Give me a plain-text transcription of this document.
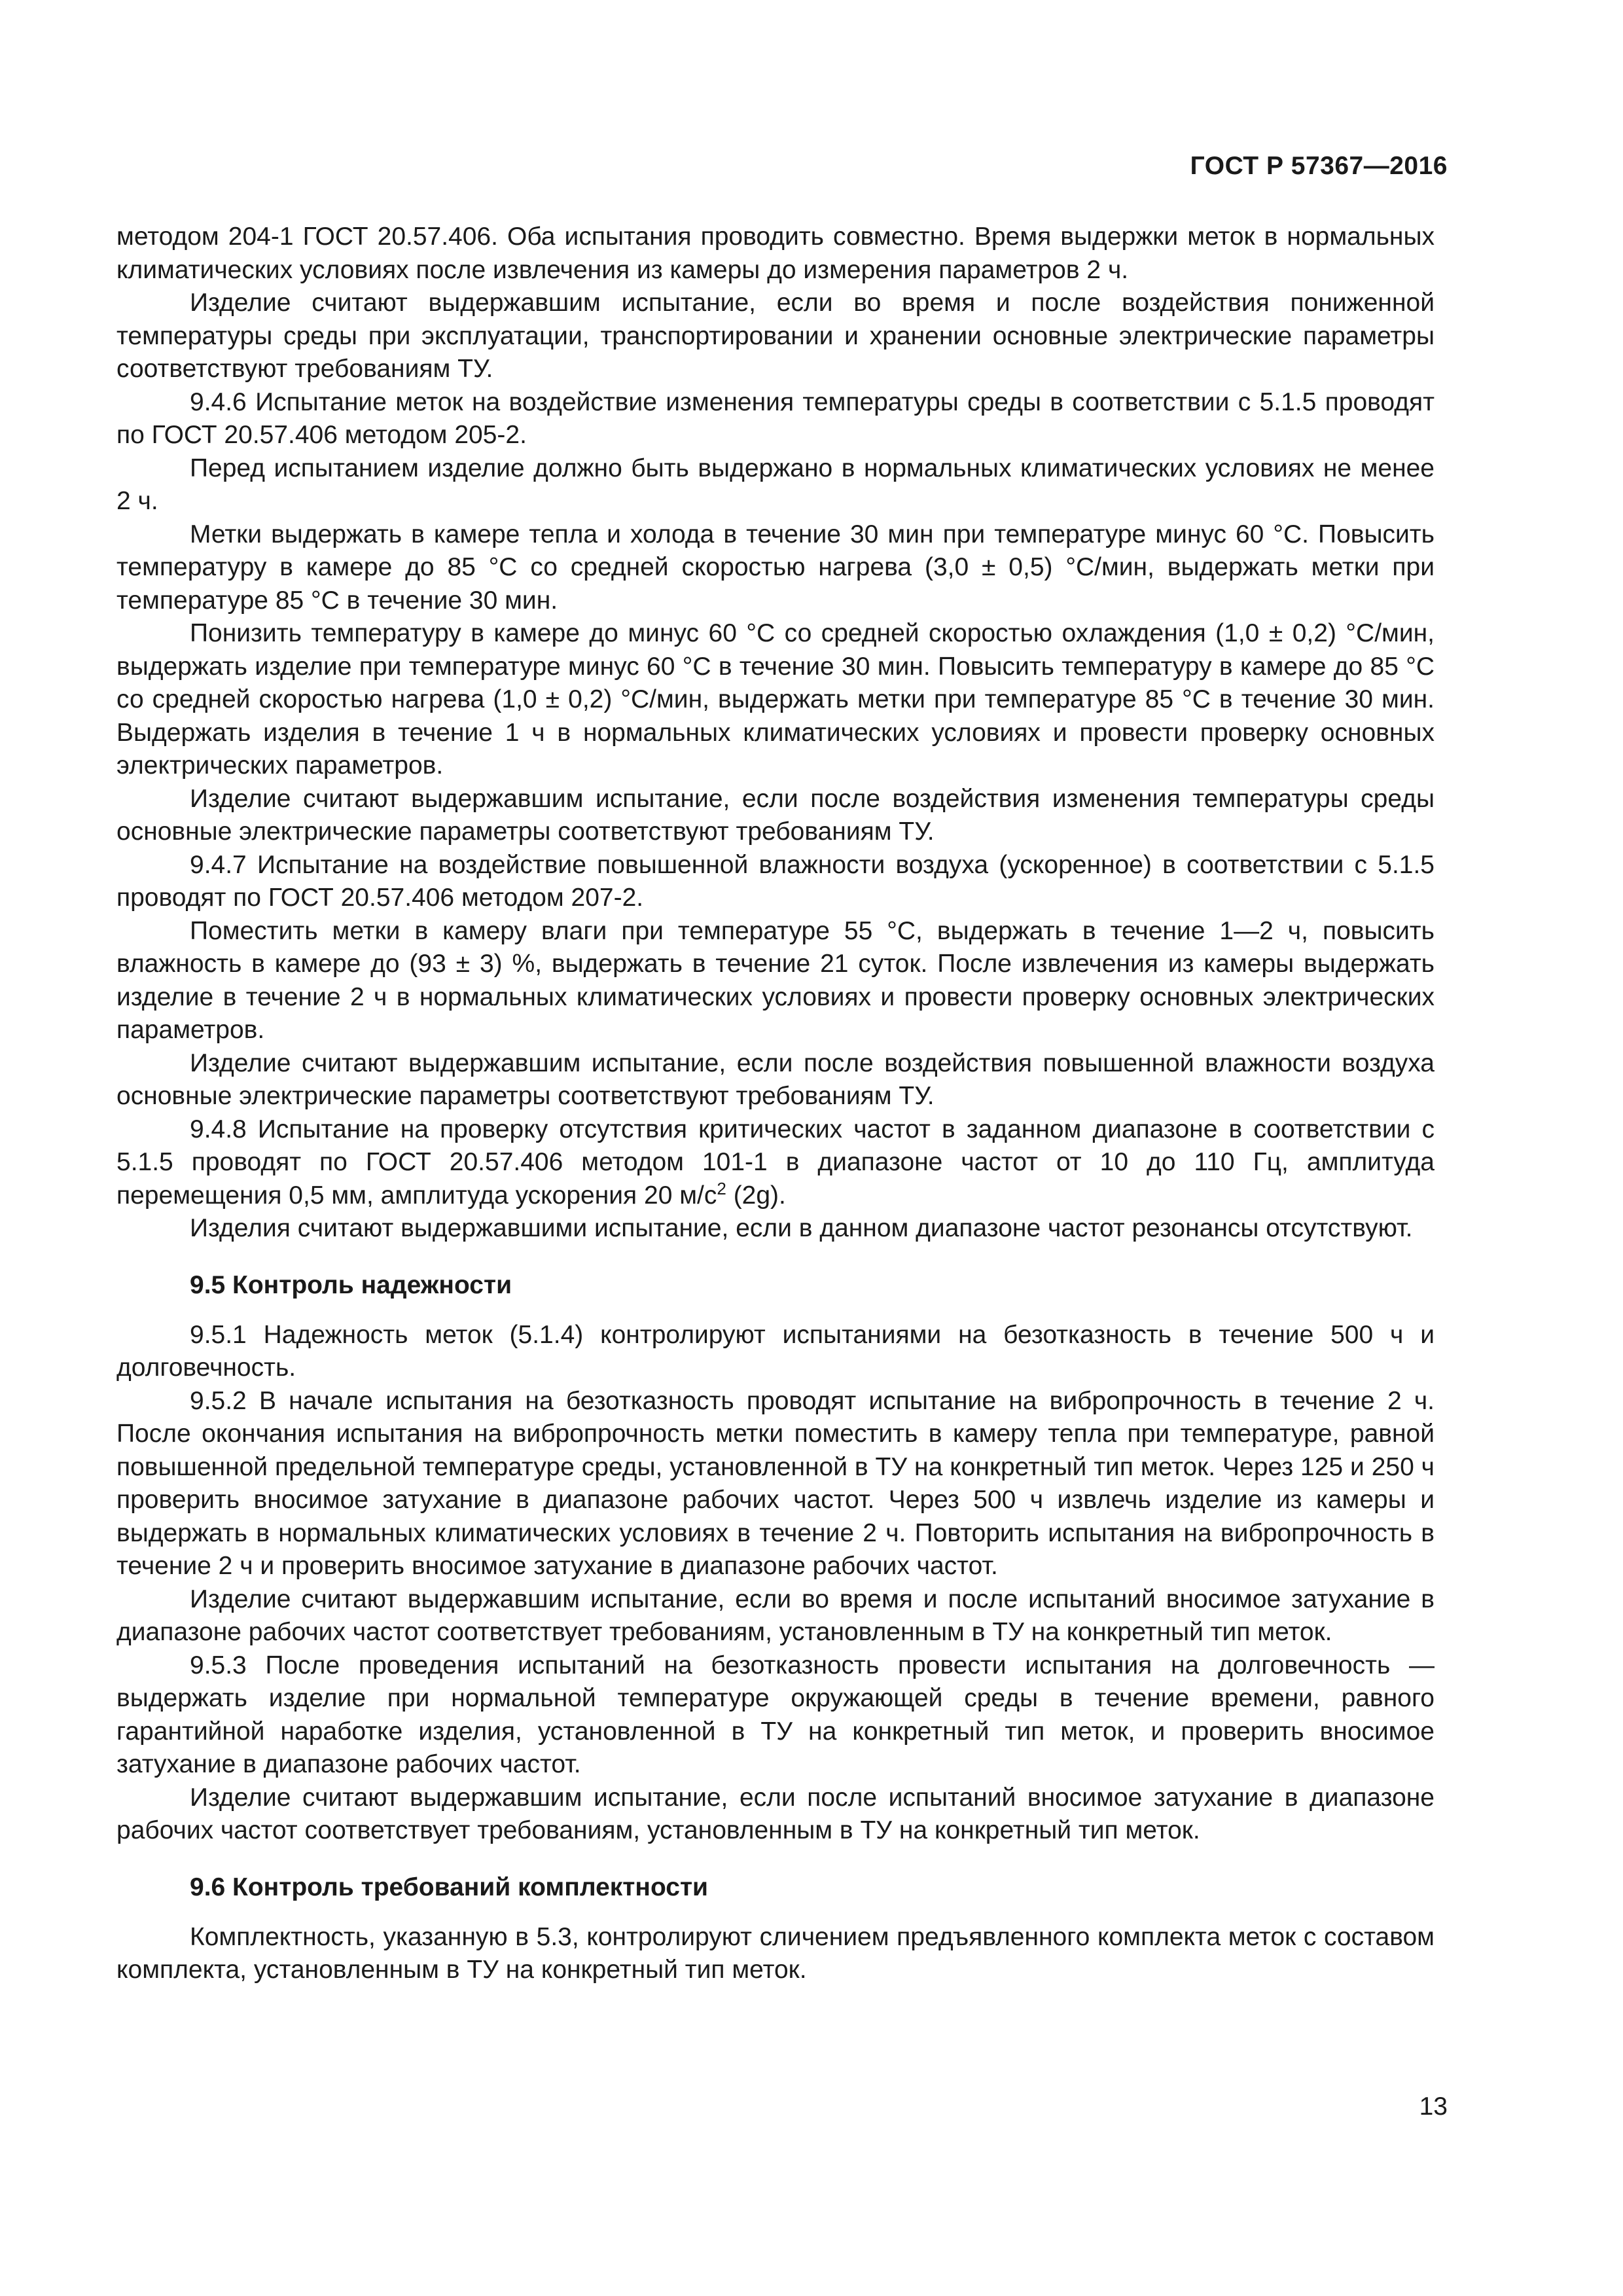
ГОСТ Р 57367—2016

методом 204-1 ГОСТ 20.57.406. Оба испытания проводить совместно. Время выдержки меток в нормальных климатических условиях после извлечения из камеры до измерения параметров 2 ч.

Изделие считают выдержавшим испытание, если во время и после воздействия пониженной температуры среды при эксплуатации, транспортировании и хранении основные электрические параметры соответствуют требованиям ТУ.

9.4.6 Испытание меток на воздействие изменения температуры среды в соответствии с 5.1.5 проводят по ГОСТ 20.57.406 методом 205-2.

Перед испытанием изделие должно быть выдержано в нормальных климатических условиях не менее 2 ч.

Метки выдержать в камере тепла и холода в течение 30 мин при температуре минус 60 °С. Повысить температуру в камере до 85 °С со средней скоростью нагрева (3,0 ± 0,5) °С/мин, выдержать метки при температуре 85 °С в течение 30 мин.

Понизить температуру в камере до минус 60 °С со средней скоростью охлаждения (1,0 ± 0,2) °С/мин, выдержать изделие при температуре минус 60 °С в течение 30 мин. Повысить температуру в камере до 85 °С со средней скоростью нагрева (1,0 ± 0,2) °С/мин, выдержать метки при температуре 85 °С в течение 30 мин. Выдержать изделия в течение 1 ч в нормальных климатических условиях и провести проверку основных электрических параметров.

Изделие считают выдержавшим испытание, если после воздействия изменения температуры среды основные электрические параметры соответствуют требованиям ТУ.

9.4.7 Испытание на воздействие повышенной влажности воздуха (ускоренное) в соответствии с 5.1.5 проводят по ГОСТ 20.57.406 методом 207-2.

Поместить метки в камеру влаги при температуре 55 °С, выдержать в течение 1—2 ч, повысить влажность в камере до (93 ± 3) %, выдержать в течение 21 суток. После извлечения из камеры выдержать изделие в течение 2 ч в нормальных климатических условиях и провести проверку основных электрических параметров.

Изделие считают выдержавшим испытание, если после воздействия повышенной влажности воздуха основные электрические параметры соответствуют требованиям ТУ.

9.4.8 Испытание на проверку отсутствия критических частот в заданном диапазоне в соответствии с 5.1.5 проводят по ГОСТ 20.57.406 методом 101-1 в диапазоне частот от 10 до 110 Гц, амплитуда перемещения 0,5 мм, амплитуда ускорения 20 $м/с^2$ (2g).

Изделия считают выдержавшими испытание, если в данном диапазоне частот резонансы отсутствуют.

9.5 Контроль надежности

9.5.1 Надежность меток (5.1.4) контролируют испытаниями на безотказность в течение 500 ч и долговечность.

9.5.2 В начале испытания на безотказность проводят испытание на вибропрочность в течение 2 ч. После окончания испытания на вибропрочность метки поместить в камеру тепла при температуре, равной повышенной предельной температуре среды, установленной в ТУ на конкретный тип меток. Через 125 и 250 ч проверить вносимое затухание в диапазоне рабочих частот. Через 500 ч извлечь изделие из камеры и выдержать в нормальных климатических условиях в течение 2 ч. Повторить испытания на вибропрочность в течение 2 ч и проверить вносимое затухание в диапазоне рабочих частот.

Изделие считают выдержавшим испытание, если во время и после испытаний вносимое затухание в диапазоне рабочих частот соответствует требованиям, установленным в ТУ на конкретный тип меток.

9.5.3 После проведения испытаний на безотказность провести испытания на долговечность — выдержать изделие при нормальной температуре окружающей среды в течение времени, равного гарантийной наработке изделия, установленной в ТУ на конкретный тип меток, и проверить вносимое затухание в диапазоне рабочих частот.

Изделие считают выдержавшим испытание, если после испытаний вносимое затухание в диапазоне рабочих частот соответствует требованиям, установленным в ТУ на конкретный тип меток.

9.6 Контроль требований комплектности

Комплектность, указанную в 5.3, контролируют сличением предъявленного комплекта меток с составом комплекта, установленным в ТУ на конкретный тип меток.

13
